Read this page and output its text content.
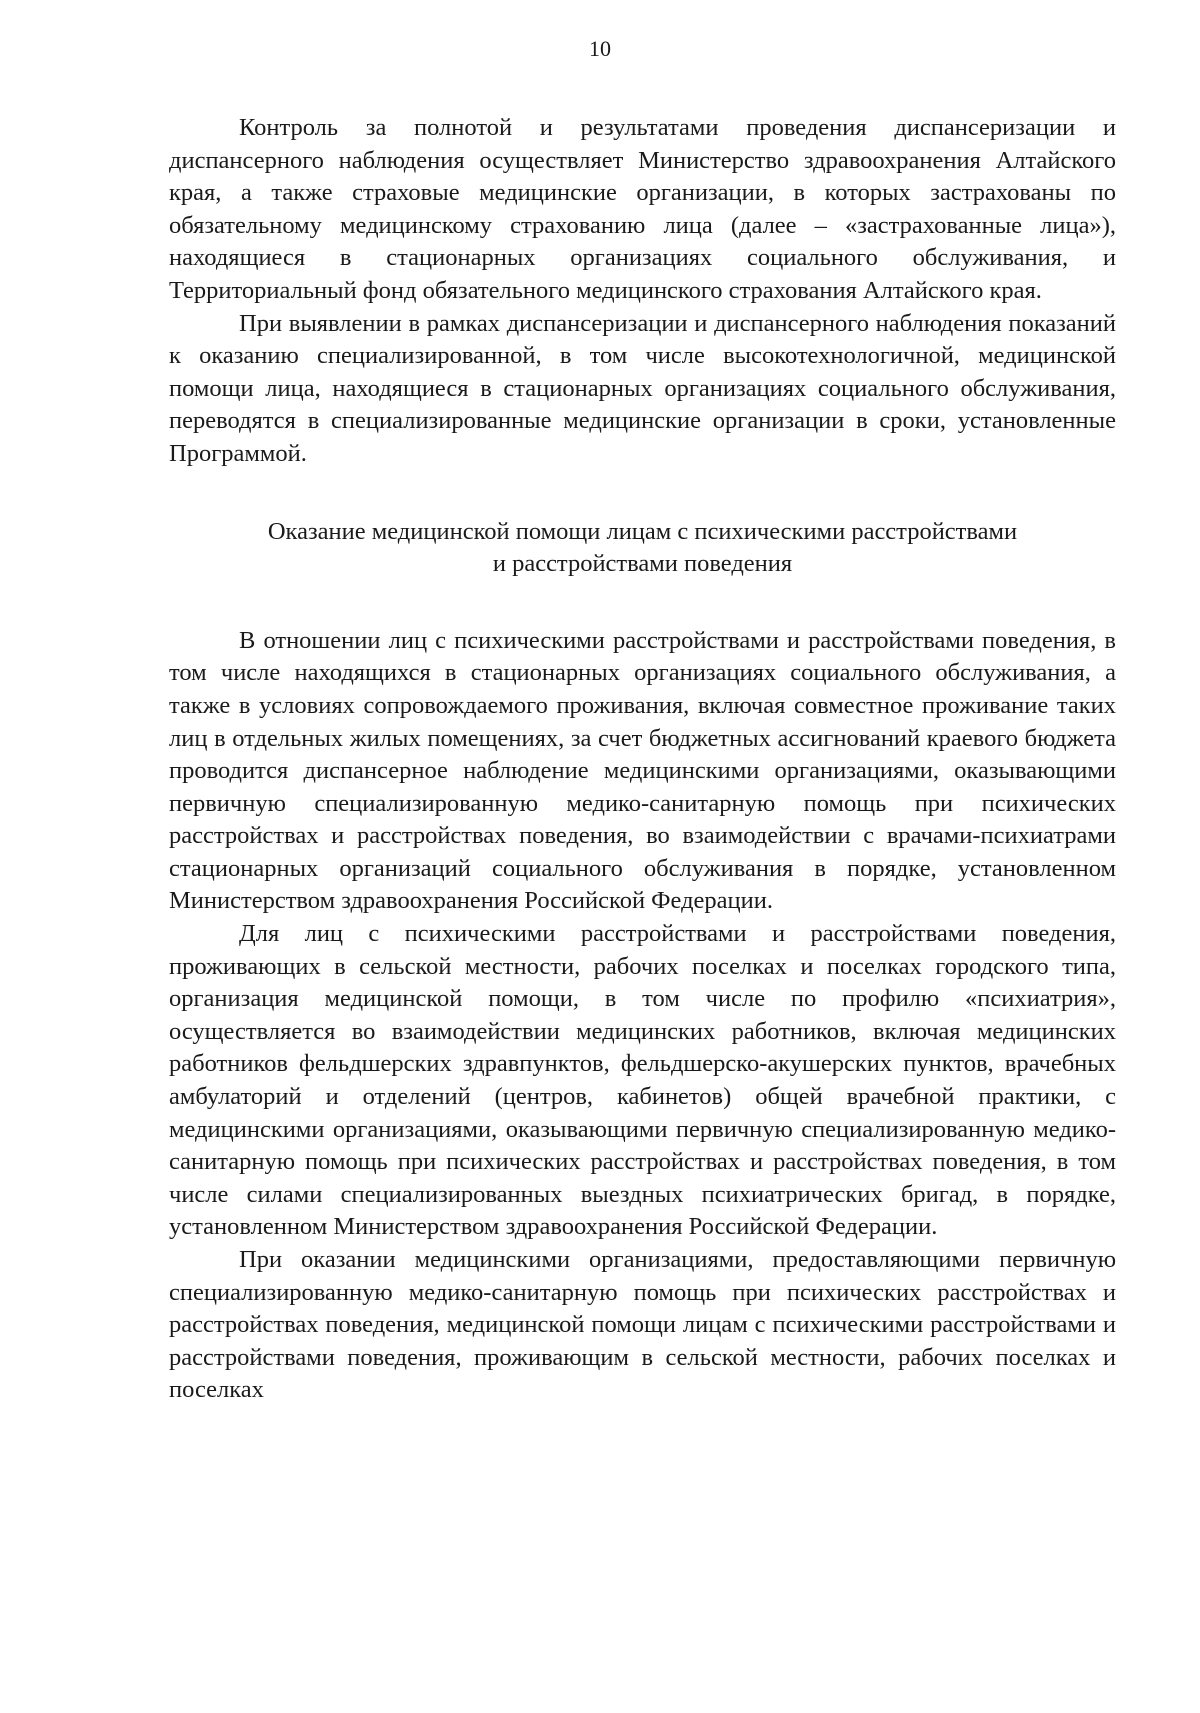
10

Контроль за полнотой и результатами проведения диспансеризации и диспансерного наблюдения осуществляет Министерство здравоохранения Алтайского края, а также страховые медицинские организации, в которых застрахованы по обязательному медицинскому страхованию лица (далее – «застрахованные лица»), находящиеся в стационарных организациях социального обслуживания, и Территориальный фонд обязательного медицинского страхования Алтайского края.

При выявлении в рамках диспансеризации и диспансерного наблюдения показаний к оказанию специализированной, в том числе высокотехнологичной, медицинской помощи лица, находящиеся в стационарных организациях социального обслуживания, переводятся в специализированные медицинские организации в сроки, установленные Программой.

Оказание медицинской помощи лицам с психическими расстройствами
и расстройствами поведения

В отношении лиц с психическими расстройствами и расстройствами поведения, в том числе находящихся в стационарных организациях социального обслуживания, а также в условиях сопровождаемого проживания, включая совместное проживание таких лиц в отдельных жилых помещениях, за счет бюджетных ассигнований краевого бюджета проводится диспансерное наблюдение медицинскими организациями, оказывающими первичную специализированную медико-санитарную помощь при психических расстройствах и расстройствах поведения, во взаимодействии с врачами-психиатрами стационарных организаций социального обслуживания в порядке, установленном Министерством здравоохранения Российской Федерации.

Для лиц с психическими расстройствами и расстройствами поведения, проживающих в сельской местности, рабочих поселках и поселках городского типа, организация медицинской помощи, в том числе по профилю «психиатрия», осуществляется во взаимодействии медицинских работников, включая медицинских работников фельдшерских здравпунктов, фельдшерско-акушерских пунктов, врачебных амбулаторий и отделений (центров, кабинетов) общей врачебной практики, с медицинскими организациями, оказывающими первичную специализированную медико-санитарную помощь при психических расстройствах и расстройствах поведения, в том числе силами специализированных выездных психиатрических бригад, в порядке, установленном Министерством здравоохранения Российской Федерации.

При оказании медицинскими организациями, предоставляющими первичную специализированную медико-санитарную помощь при психических расстройствах и расстройствах поведения, медицинской помощи лицам с психическими расстройствами и расстройствами поведения, проживающим в сельской местности, рабочих поселках и поселках
